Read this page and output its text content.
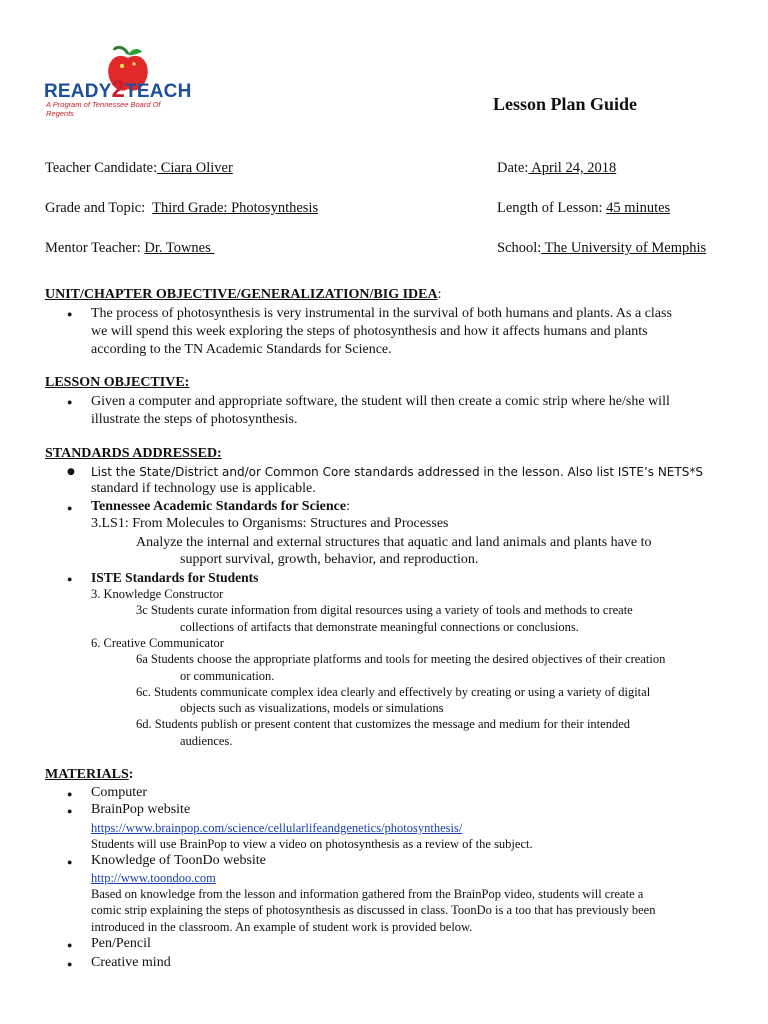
READY2TEACH
A Program of Tennessee Board Of Regents	Lesson Plan Guide
Teacher Candidate: Ciara Oliver	Date: April 24, 2018
Grade and Topic:  Third Grade: Photosynthesis	Length of Lesson: 45 minutes
Mentor Teacher: Dr. Townes	School: The University of Memphis
UNIT/CHAPTER OBJECTIVE/GENERALIZATION/BIG IDEA:
● The process of photosynthesis is very instrumental in the survival of both humans and plants. As a class
we will spend this week exploring the steps of photosynthesis and how it affects humans and plants
according to the TN Academic Standards for Science.
LESSON OBJECTIVE:
● Given a computer and appropriate software, the student will then create a comic strip where he/she will
illustrate the steps of photosynthesis.
STANDARDS ADDRESSED:
● List the State/District and/or Common Core standards addressed in the lesson. Also list ISTE’s NETS*S
standard if technology use is applicable.
Tennessee Academic Standards for Science:
3.LS1: From Molecules to Organisms: Structures and Processes
Analyze the internal and external structures that aquatic and land animals and plants have to
support survival, growth, behavior, and reproduction.
ISTE Standards for Students
3. Knowledge Constructor
3c Students curate information from digital resources using a variety of tools and methods to create
collections of artifacts that demonstrate meaningful connections or conclusions.
6. Creative Communicator
6a Students choose the appropriate platforms and tools for meeting the desired objectives of their creation
or communication.
6c. Students communicate complex idea clearly and effectively by creating or using a variety of digital
objects such as visualizations, models or simulations
6d. Students publish or present content that customizes the message and medium for their intended
audiences.
MATERIALS:
Computer
BrainPop website
https://www.brainpop.com/science/cellularlifeandgenetics/photosynthesis/
Students will use BrainPop to view a video on photosynthesis as a review of the subject.
Knowledge of ToonDo website
http://www.toondoo.com
Based on knowledge from the lesson and information gathered from the BrainPop video, students will create a
comic strip explaining the steps of photosynthesis as discussed in class. ToonDo is a too that has previously been
introduced in the classroom. An example of student work is provided below.
Pen/Pencil
Creative mind
